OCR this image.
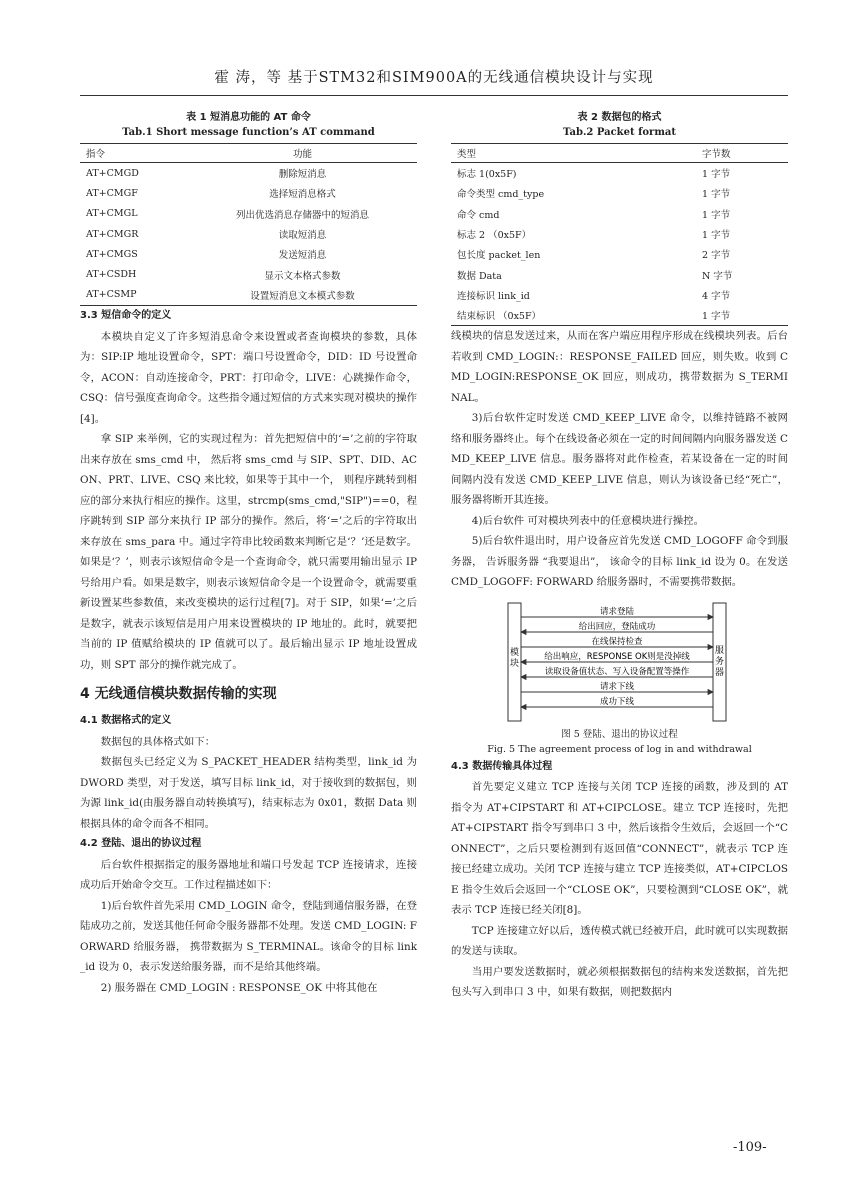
霍 涛，等 基于STM32和SIM900A的无线通信模块设计与实现
表 1 短消息功能的 AT 命令
Tab.1 Short message function’s AT command
指令	功能
AT+CMGD	删除短消息
AT+CMGF	选择短消息格式
AT+CMGL	列出优选消息存储器中的短消息
AT+CMGR	读取短消息
AT+CMGS	发送短消息
AT+CSDH	显示文本格式参数
AT+CSMP	设置短消息文本模式参数
3.3 短信命令的定义

本模块自定义了许多短消息命令来设置或者查询模块的参数，具体为：SIP:IP 地址设置命令，SPT：端口号设置命令，DID：ID 号设置命令，ACON：自动连接命令，PRT：打印命令，LIVE：心跳操作命令，CSQ：信号强度查询命令。这些指令通过短信的方式来实现对模块的操作[4]。

拿 SIP 来举例，它的实现过程为：首先把短信中的‘=’之前的字符取出来存放在 sms_cmd 中， 然后将 sms_cmd 与 SIP、SPT、DID、ACON、PRT、LIVE、CSQ 来比较，如果等于其中一个， 则程序跳转到相应的部分来执行相应的操作。这里，strcmp(sms_cmd,"SIP")==0，程序跳转到 SIP 部分来执行 IP 部分的操作。然后，将‘=’之后的字符取出来存放在 sms_para 中。通过字符串比较函数来判断它是‘？’还是数字。如果是‘？’，则表示该短信命令是一个查询命令，就只需要用输出显示 IP 号给用户看。如果是数字，则表示该短信命令是一个设置命令，就需要重新设置某些参数值，来改变模块的运行过程[7]。对于 SIP，如果‘=’之后是数字，就表示该短信是用户用来设置模块的 IP 地址的。此时，就要把当前的 IP 值赋给模块的 IP 值就可以了。最后输出显示 IP 地址设置成功，则 SPT 部分的操作就完成了。

4 无线通信模块数据传输的实现
4.1 数据格式的定义

数据包的具体格式如下：

数据包头已经定义为 S_PACKET_HEADER 结构类型，link_id 为 DWORD 类型，对于发送，填写目标 link_id，对于接收到的数据包，则为源 link_id(由服务器自动转换填写)，结束标志为 0x01，数据 Data 则根据具体的命令而各不相同。

4.2 登陆、退出的协议过程

后台软件根据指定的服务器地址和端口号发起 TCP 连接请求，连接成功后开始命令交互。工作过程描述如下：

1)后台软件首先采用 CMD_LOGIN 命令，登陆到通信服务器，在登陆成功之前，发送其他任何命令服务器都不处理。发送 CMD_LOGIN: FORWARD 给服务器， 携带数据为 S_TERMINAL。该命令的目标 link_id 设为 0，表示发送给服务器，而不是给其他终端。

2) 服务器在 CMD_LOGIN : RESPONSE_OK 中将其他在

表 2 数据包的格式
Tab.2 Packet format
类型	字节数
标志 1(0x5F)	1 字节
命令类型 cmd_type	1 字节
命令 cmd	1 字节
标志 2 （0x5F）	1 字节
包长度 packet_len	2 字节
数据 Data	N 字节
连接标识 link_id	4 字节
结束标识 （0x5F）	1 字节

线模块的信息发送过来，从而在客户端应用程序形成在线模块列表。后台若收到 CMD_LOGIN:：RESPONSE_FAILED 回应，则失败。收到 CMD_LOGIN:RESPONSE_OK 回应，则成功，携带数据为 S_TERMINAL。

3)后台软件定时发送 CMD_KEEP_LIVE 命令，以维持链路不被网络和服务器终止。每个在线设备必须在一定的时间间隔内向服务器发送 CMD_KEEP_LIVE 信息。服务器将对此作检查，若某设备在一定的时间间隔内没有发送 CMD_KEEP_LIVE 信息，则认为该设备已经“死亡”，服务器将断开其连接。

4)后台软件 可对模块列表中的任意模块进行操控。

5)后台软件退出时，用户设备应首先发送 CMD_LOGOFF 命令到服务器， 告诉服务器 “我要退出”， 该命令的目标 link_id 设为 0。在发送 CMD_LOGOFF: FORWARD 给服务器时，不需要携带数据。

模块
服务器
请求登陆
给出回应，登陆成功
在线保持检查
给出响应，RESPONSE OK则是没掉线
读取设备值状态、写入设备配置等操作
请求下线
成功下线
图 5 登陆、退出的协议过程
Fig. 5 The agreement process of log in and withdrawal
4.3 数据传输具体过程

首先要定义建立 TCP 连接与关闭 TCP 连接的函数，涉及到的 AT 指令为 AT+CIPSTART 和 AT+CIPCLOSE。建立 TCP 连接时，先把 AT+CIPSTART 指令写到串口 3 中，然后该指令生效后，会返回一个“CONNECT”，之后只要检测到有返回值“CONNECT”，就表示 TCP 连接已经建立成功。关闭 TCP 连接与建立 TCP 连接类似，AT+CIPCLOSE 指令生效后会返回一个“CLOSE OK”，只要检测到“CLOSE OK”，就表示 TCP 连接已经关闭[8]。

TCP 连接建立好以后，透传模式就已经被开启，此时就可以实现数据的发送与读取。

当用户要发送数据时，就必须根据数据包的结构来发送数据，首先把包头写入到串口 3 中，如果有数据，则把数据内

-109-
